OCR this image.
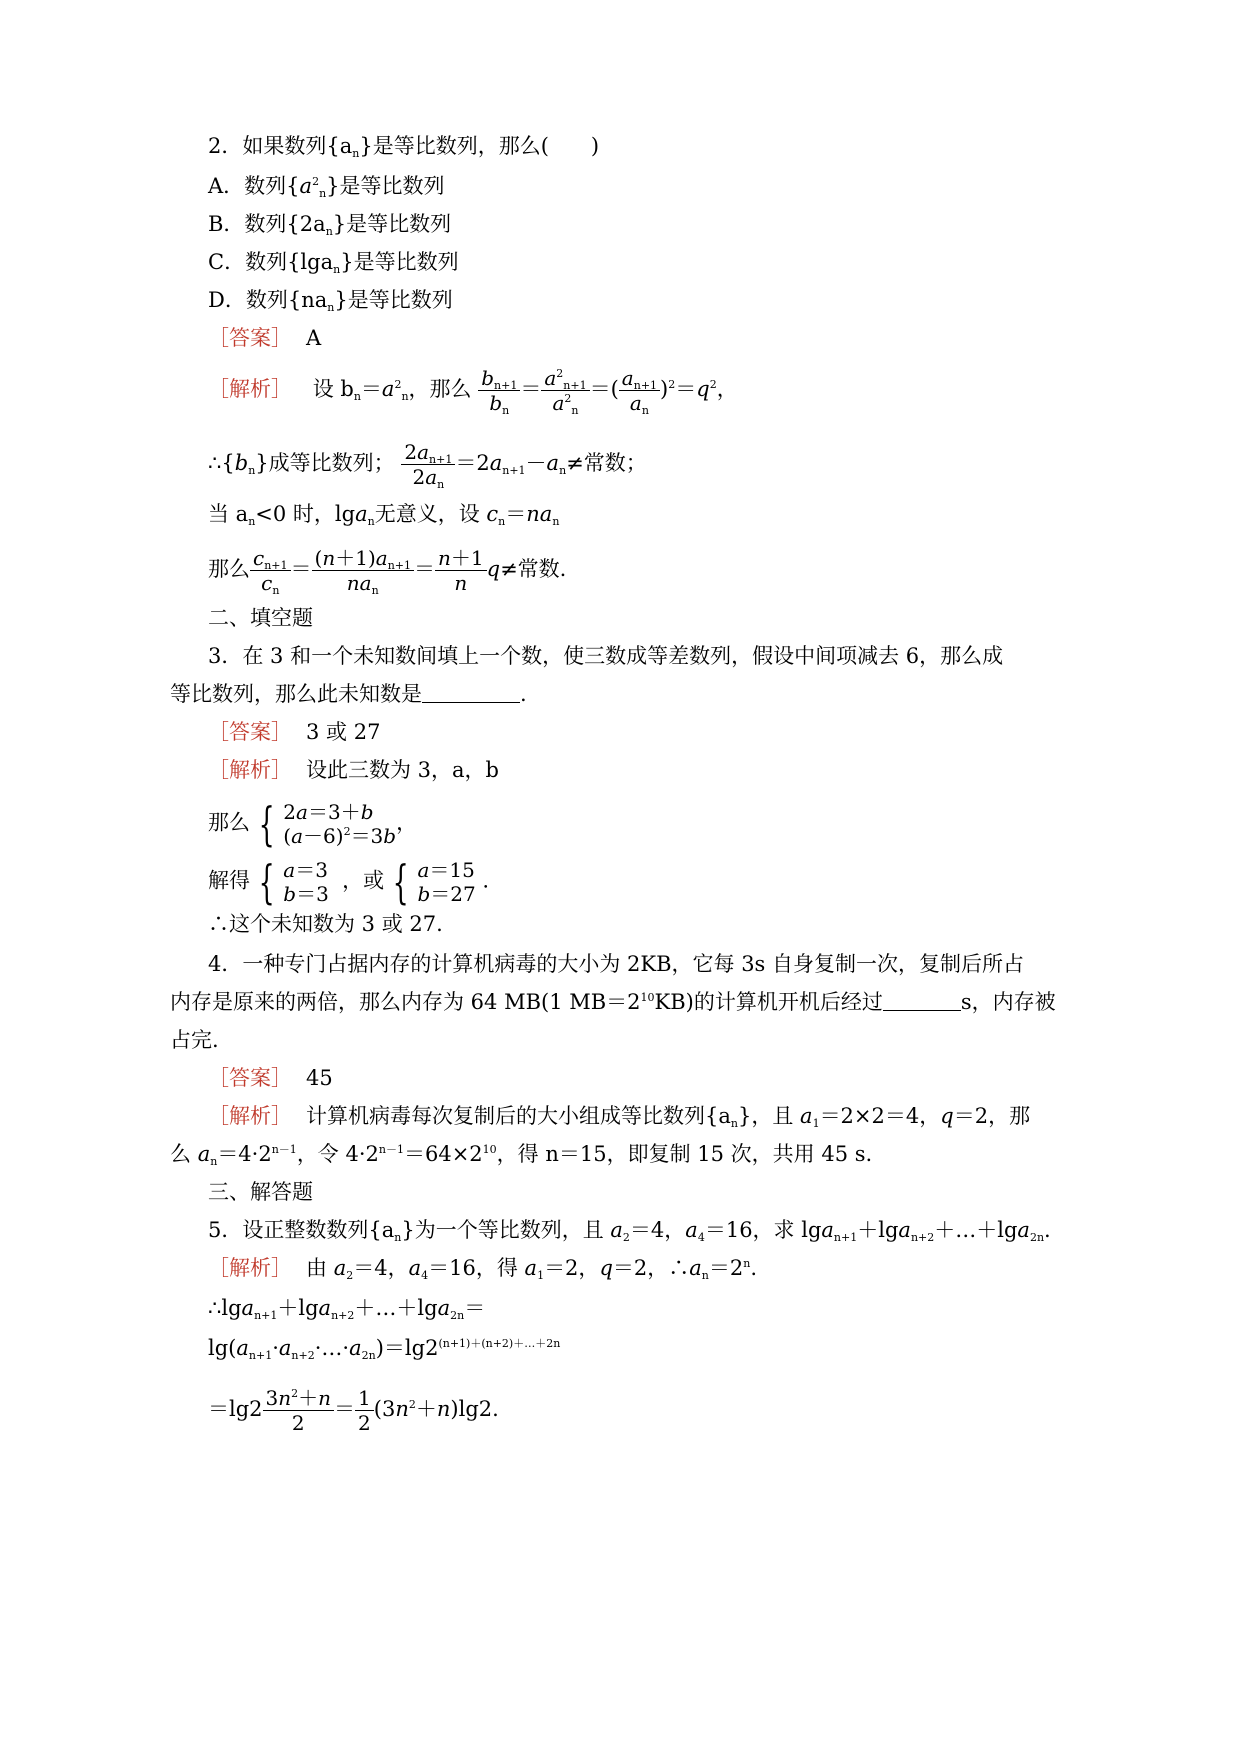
2．如果数列$\{a_n\}$是等比数列，那么(　　)
A．数列$\{a^2_n\}$是等比数列
B．数列$\{2a_n\}$是等比数列
C．数列{lga$_n$}是等比数列
D．数列$\{na_n\}$是等比数列
［答案］ A
［解析］ 设 $b_n=a^2_n$，那么 $\frac{b_{n+1}}{b_n} = \frac{a^2_{n+1}}{a^2_n}$ ＝( $\frac{a_{n+1}}{a_n} )^2=q^2$，
$\therefore\{b_n\}$成等比数列； $\frac{2a_{n+1}}{2a_n} =2a_{n+1}-a_n\ne$常数；
当 $a_n<0$ 时，lga$_n$无意义，设 $c_n=na_n$
那么 $\frac{c_{n+1}}{c_n} = \frac{(n+1)a_{n+1}}{na_n} = \frac{n+1}{n} q\ne$常数.
二、填空题
3．在 3 和一个未知数间填上一个数，使三数成等差数列，假设中间项减去 6，那么成
等比数列，那么此未知数是	.
［答案］ 3 或 27
［解析］ 设此三数为 3，a，b
那么 { 2a＝3＋b
$(a-6)^2=3b$
，
解得 { a＝3
b＝3
，或 { a＝15
b＝27
.
∴这个未知数为 3 或 27.
4．一种专门占据内存的计算机病毒的大小为 2KB，它每 3s 自身复制一次，复制后所占
内存是原来的两倍，那么内存为 64 MB(1 $MB=2^{10}KB$)的计算机开机后经过	s，内存被
占完.
［答案］ 45
［解析］ 计算机病毒每次复制后的大小组成等比数列$\{a_n\}$，且 $a_1=2\times 2=4$，q＝2，那
么 $a_n=4\cdot 2^{n-1}$，令 $4\cdot 2^{n-1}=64\times 2^{10}$，得 n＝15，即复制 15 次，共用 45 s.
三、解答题
5．设正整数数列$\{a_n\}$为一个等比数列，且 $a_2=4$，$a_4=16$，求 lga$_{n+1}$＋lga$_{n+2}$＋…＋lga$_{2n}$.
［解析］ 由 $a_2=4$，$a_4=16$，得 $a_1=2$，q＝2，$\therefore a_n=2^n$.
∴lga$_{n+1}$＋lga$_{n+2}$＋…＋lga$_{2n}$＝
$\lg(a_{n+1}\cdot a_{n+2}\cdot\dots\cdot a_{2n})=\lg 2^{(n+1)+(n+2)+\dots+2n}$
$=\lg 2 \frac{3n^2+n}{2} = \frac{1}{2} (3n^2+n)\lg 2$.
